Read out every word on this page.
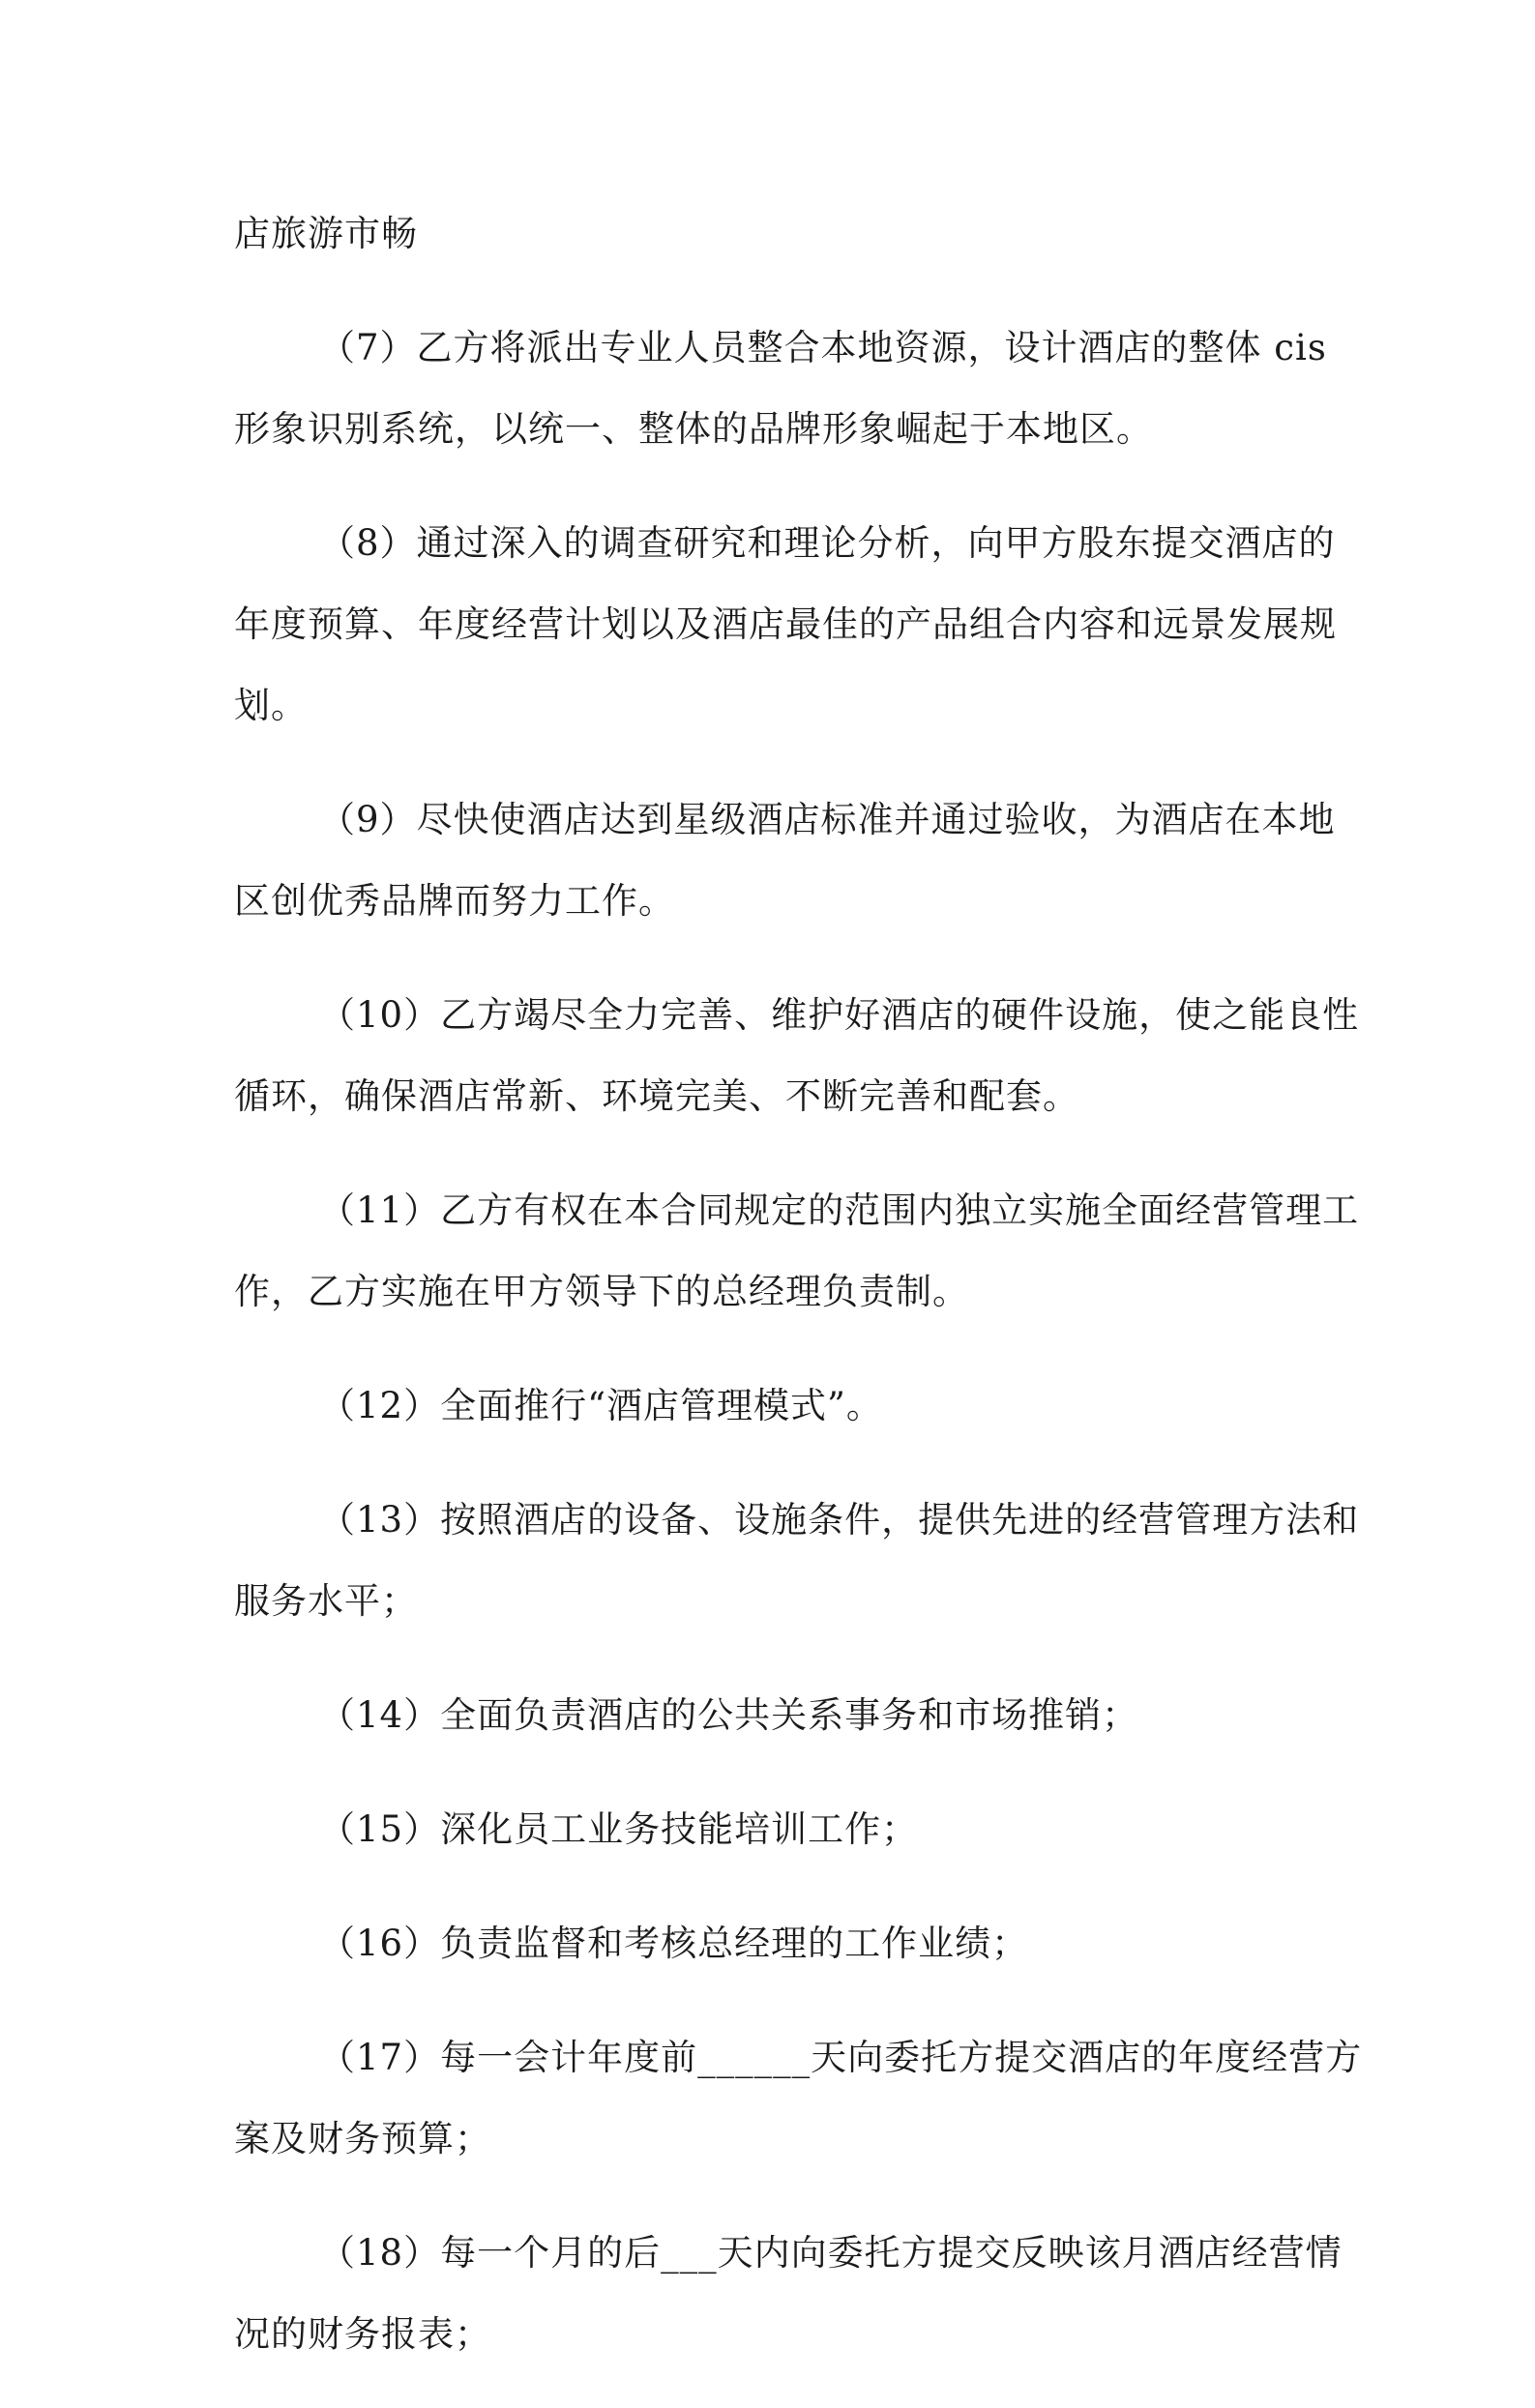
店旅游市畅
（7）乙方将派出专业人员整合本地资源，设计酒店的整体 cis
形象识别系统，以统一、整体的品牌形象崛起于本地区。
（8）通过深入的调查研究和理论分析，向甲方股东提交酒店的
年度预算、年度经营计划以及酒店最佳的产品组合内容和远景发展规
划。
（9）尽快使酒店达到星级酒店标准并通过验收，为酒店在本地
区创优秀品牌而努力工作。
（10）乙方竭尽全力完善、维护好酒店的硬件设施，使之能良性
循环，确保酒店常新、环境完美、不断完善和配套。
（11）乙方有权在本合同规定的范围内独立实施全面经营管理工
作，乙方实施在甲方领导下的总经理负责制。
（12）全面推行“酒店管理模式”。
（13）按照酒店的设备、设施条件，提供先进的经营管理方法和
服务水平；
（14）全面负责酒店的公共关系事务和市场推销；
（15）深化员工业务技能培训工作；
（16）负责监督和考核总经理的工作业绩；
（17）每一会计年度前______天向委托方提交酒店的年度经营方
案及财务预算；
（18）每一个月的后___天内向委托方提交反映该月酒店经营情
况的财务报表；
